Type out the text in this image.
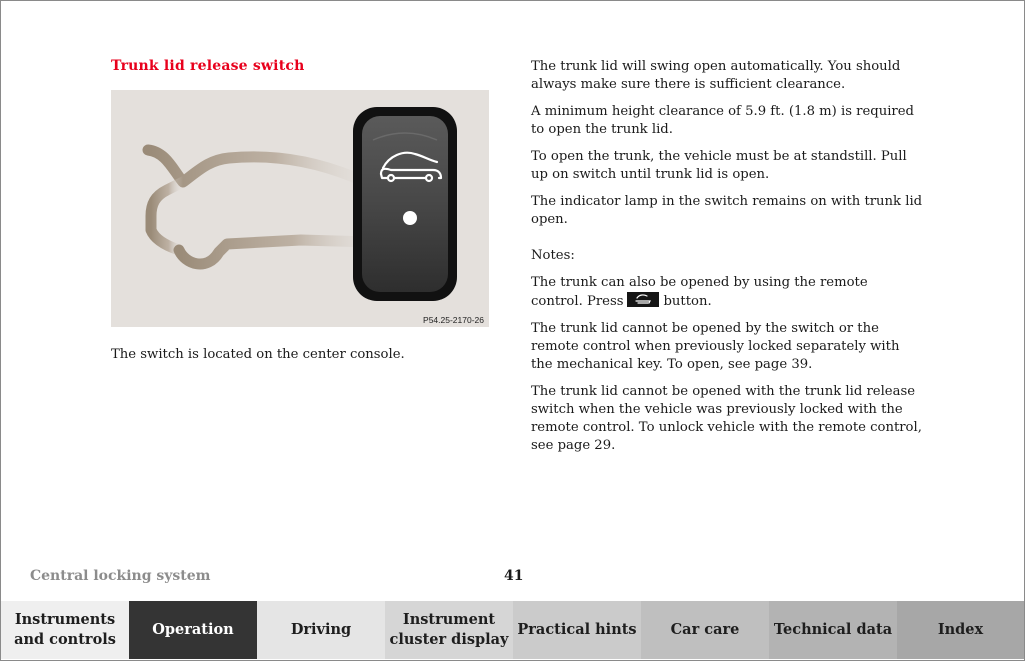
Trunk lid release switch
P54.25-2170-26
The switch is located on the center console.

The trunk lid will swing open automatically. You should always make sure there is sufficient clearance.

A minimum height clearance of 5.9 ft. (1.8 m) is required to open the trunk lid.

To open the trunk, the vehicle must be at standstill. Pull up on switch until trunk lid is open.

The indicator lamp in the switch remains on with trunk lid open.

Notes:

The trunk can also be opened by using the remote control. Press	button.

The trunk lid cannot be opened by the switch or the remote control when previously locked separately with the mechanical key. To open, see page 39.

The trunk lid cannot be opened with the trunk lid release switch when the vehicle was previously locked with the remote control. To unlock vehicle with the remote control, see page 29.

Central locking system	41
Instruments and controls
Operation	Driving
Instrument cluster display
Practical hints	Car care	Technical data	Index
